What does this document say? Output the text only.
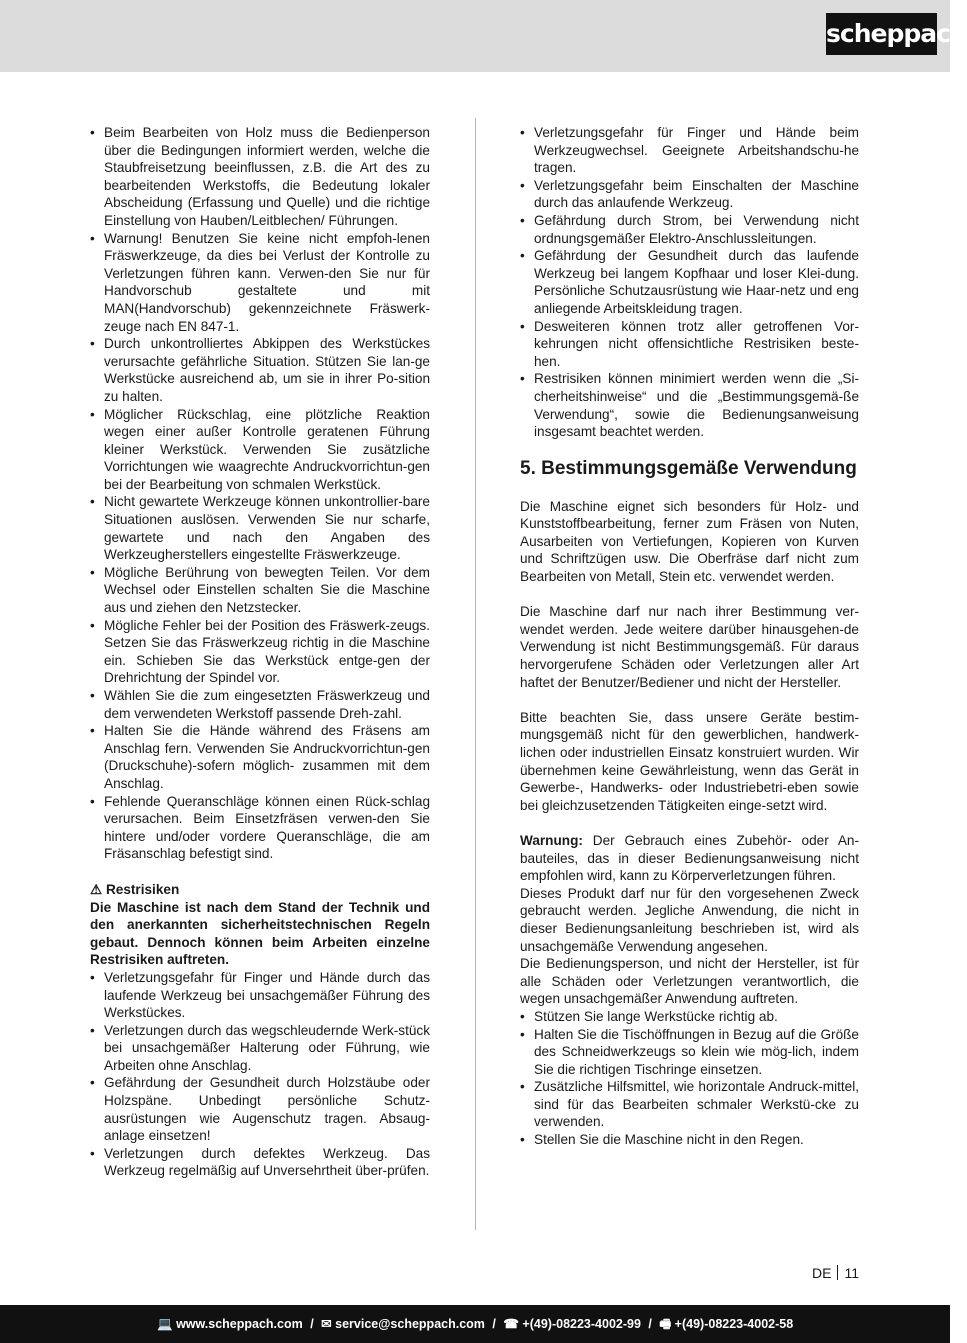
scheppach
• Beim Bearbeiten von Holz muss die Bedienperson über die Bedingungen informiert werden, welche die Staubfreisetzung beeinflussen, z.B. die Art des zu bearbeitenden Werkstoffs, die Bedeutung lokaler Abscheidung (Erfassung und Quelle) und die richtige Einstellung von Hauben/Leitblechen/ Führungen.
• Warnung! Benutzen Sie keine nicht empfoh-lenen Fräswerkzeuge, da dies bei Verlust der Kontrolle zu Verletzungen führen kann. Verwen-den Sie nur für Handvorschub gestaltete und mit MAN(Handvorschub) gekennzeichnete Fräswerk-zeuge nach EN 847-1.
• Durch unkontrolliertes Abkippen des Werkstückes verursachte gefährliche Situation. Stützen Sie lan-ge Werkstücke ausreichend ab, um sie in ihrer Po-sition zu halten.
• Möglicher Rückschlag, eine plötzliche Reaktion wegen einer außer Kontrolle geratenen Führung kleiner Werkstück. Verwenden Sie zusätzliche Vorrichtungen wie waagrechte Andruckvorrichtun-gen bei der Bearbeitung von schmalen Werkstück.
• Nicht gewartete Werkzeuge können unkontrollier-bare Situationen auslösen. Verwenden Sie nur scharfe, gewartete und nach den Angaben des Werkzeugherstellers eingestellte Fräswerkzeuge.
• Mögliche Berührung von bewegten Teilen. Vor dem Wechsel oder Einstellen schalten Sie die Maschine aus und ziehen den Netzstecker.
• Mögliche Fehler bei der Position des Fräswerk-zeugs. Setzen Sie das Fräswerkzeug richtig in die Maschine ein. Schieben Sie das Werkstück entge-gen der Drehrichtung der Spindel vor.
• Wählen Sie die zum eingesetzten Fräswerkzeug und dem verwendeten Werkstoff passende Dreh-zahl.
• Halten Sie die Hände während des Fräsens am Anschlag fern. Verwenden Sie Andruckvorrichtun-gen (Druckschuhe)-sofern möglich- zusammen mit dem Anschlag.
• Fehlende Queranschläge können einen Rück-schlag verursachen. Beim Einsetzfräsen verwen-den Sie hintere und/oder vordere Queranschläge, die am Fräsanschlag befestigt sind.
⚠ Restrisiken
Die Maschine ist nach dem Stand der Technik und den anerkannten sicherheitstechnischen Regeln gebaut. Dennoch können beim Arbeiten einzelne Restrisiken auftreten.
• Verletzungsgefahr für Finger und Hände durch das laufende Werkzeug bei unsachgemäßer Führung des Werkstückes.
• Verletzungen durch das wegschleudernde Werk-stück bei unsachgemäßer Halterung oder Führung, wie Arbeiten ohne Anschlag.
• Gefährdung der Gesundheit durch Holzstäube oder Holzspäne. Unbedingt persönliche Schutz-ausrüstungen wie Augenschutz tragen. Absaug-anlage einsetzen!
• Verletzungen durch defektes Werkzeug. Das Werkzeug regelmäßig auf Unversehrtheit über-prüfen.
• Verletzungsgefahr für Finger und Hände beim Werkzeugwechsel. Geeignete Arbeitshandschu-he tragen.
• Verletzungsgefahr beim Einschalten der Maschine durch das anlaufende Werkzeug.
• Gefährdung durch Strom, bei Verwendung nicht ordnungsgemäßer Elektro-Anschlussleitungen.
• Gefährdung der Gesundheit durch das laufende Werkzeug bei langem Kopfhaar und loser Klei-dung. Persönliche Schutzausrüstung wie Haar-netz und eng anliegende Arbeitskleidung tragen.
• Desweiteren können trotz aller getroffenen Vor-kehrungen nicht offensichtliche Restrisiken beste-hen.
• Restrisiken können minimiert werden wenn die „Si-cherheitshinweise“ und die „Bestimmungsgemä-ße Verwendung“, sowie die Bedienungsanweisung insgesamt beachtet werden.
5. Bestimmungsgemäße Verwendung

Die Maschine eignet sich besonders für Holz- und Kunststoffbearbeitung, ferner zum Fräsen von Nuten, Ausarbeiten von Vertiefungen, Kopieren von Kurven und Schriftzügen usw. Die Oberfräse darf nicht zum Bearbeiten von Metall, Stein etc. verwendet werden.

Die Maschine darf nur nach ihrer Bestimmung ver-wendet werden. Jede weitere darüber hinausgehen-de Verwendung ist nicht Bestimmungsgemäß. Für daraus hervorgerufene Schäden oder Verletzungen aller Art haftet der Benutzer/Bediener und nicht der Hersteller.

Bitte beachten Sie, dass unsere Geräte bestim-mungsgemäß nicht für den gewerblichen, handwerk-lichen oder industriellen Einsatz konstruiert wurden. Wir übernehmen keine Gewährleistung, wenn das Gerät in Gewerbe-, Handwerks- oder Industriebetri-eben sowie bei gleichzusetzenden Tätigkeiten einge-setzt wird.

Warnung: Der Gebrauch eines Zubehör- oder An-bauteiles, das in dieser Bedienungsanweisung nicht empfohlen wird, kann zu Körperverletzungen führen.

Dieses Produkt darf nur für den vorgesehenen Zweck gebraucht werden. Jegliche Anwendung, die nicht in dieser Bedienungsanleitung beschrieben ist, wird als unsachgemäße Verwendung angesehen.

Die Bedienungsperson, und nicht der Hersteller, ist für alle Schäden oder Verletzungen verantwortlich, die wegen unsachgemäßer Anwendung auftreten.

• Stützen Sie lange Werkstücke richtig ab.
• Halten Sie die Tischöffnungen in Bezug auf die Größe des Schneidwerkzeugs so klein wie mög-lich, indem Sie die richtigen Tischringe einsetzen.
• Zusätzliche Hilfsmittel, wie horizontale Andruck-mittel, sind für das Bearbeiten schmaler Werkstü-cke zu verwenden.
• Stellen Sie die Maschine nicht in den Regen.
DE 11
💻 www.scheppach.com / ✉ service@scheppach.com / ☎ +(49)-08223-4002-99 / 🖷 +(49)-08223-4002-58
